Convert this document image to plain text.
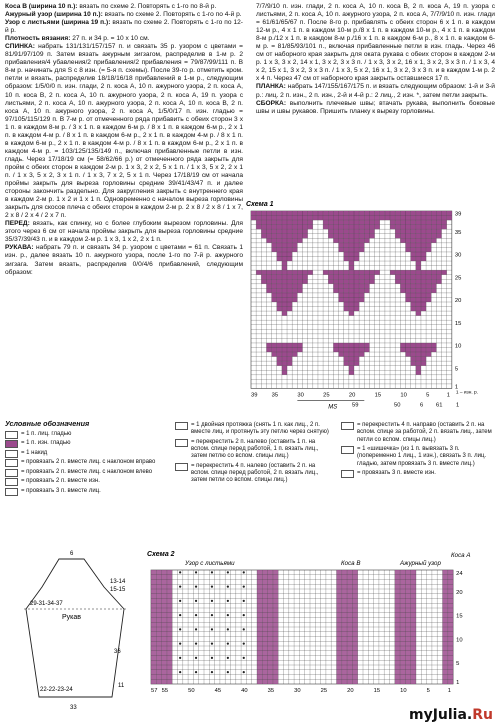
Коса В (ширина 10 п.): вязать по схеме 2. Повторять с 1-го по 8-й р.

Ажурный узор (ширина 10 п.): вязать по схеме 2. Повторять с 1-го по 4-й р.

Узор с листьями (ширина 19 п.): вязать по схеме 2. Повторять с 1-го по 12-й р.

Плотность вязания: 27 п. и 34 р. = 10 х 10 см.

СПИНКА: набрать 131/131/157/157 п. и связать 35 р. узором с цветами = 81/91/97/109 п. Затем вязать ажурным зигзагом, распределив в 1-м р. 2 прибавления/4 убавления/2 прибавления/2 прибавления = 79/87/99/111 п. В 8-м р. начинать для S с 8 изн. (= 5-я п. схемы). После 39-го р. отметить кром. петли и вязать, распределив 18/18/16/18 прибавлений в 1-м р., следующим образом: 1/5/0/0 п. изн. глади, 2 п. коса А, 10 п. ажурного узора, 2 п. коса А, 10 п. коса В, 2 п. коса А, 10 п. ажурного узора, 2 п. коса А, 19 п. узора с листьями, 2 п. коса А, 10 п. ажурного узора, 2 п. коса А, 10 п. коса В, 2 п. коса А, 10 п. ажурного узора, 2 п. коса А, 1/5/0/17 п. изн. гладью = 97/105/115/129 п. В 7-м р. от отмеченного ряда прибавить с обеих сторон 3 х 1 п. в каждом 8-м р. / 3 х 1 п. в каждом 6-м р. / 8 х 1 п. в каждом 6-м р., 2 х 1 п. в каждом 4-м р. / 8 х 1 п. в каждом 6-м р., 2 х 1 п. в каждом 4-м р. / 8 х 1 п. в каждом 6-м р., 2 х 1 п. в каждом 4-м р. / 8 х 1 п. в каждом 6-м р., 2 х 1 п. в каждом 4-м р. = 103/125/135/149 п., включая прибавленные петли в изн. гладь. Через 17/18/19 см (= 58/62/66 р.) от отмеченного ряда закрыть для пройм с обеих сторон в каждом 2-м р. 1 х 3, 2 х 2, 5 х 1 п. / 1 х 3, 5 х 2, 2 х 1 п. / 1 х 3, 5 х 2, 3 х 1 п. / 1 х 3, 7 х 2, 5 х 1 п. Через 17/18/19 см от начала проймы закрыть для выреза горловины средние 39/41/43/47 п. и далее стороны закончить раздельно. Для закругления закрыть с внутреннего края в каждом 2-м р. 1 х 2 и 1 х 1 п. Одновременно с началом выреза горловины закрыть для скосов плеча с обеих сторон в каждом 2-м р. 2 х 8 / 2 х 8 / 1 х 7, 2 х 8 / 2 х 4 / 2 х 7 п.

ПЕРЕД: вязать, как спинку, но с более глубоким вырезом горловины. Для этого через 6 см от начала проймы закрыть для выреза горловины средние 35/37/39/43 п. и в каждом 2-м р. 1 х 3, 1 х 2, 2 х 1 п.

РУКАВА: набрать 79 п. и связать 34 р. узором с цветами = 61 п. Связать 1 изн. р., далее вязать 10 п. ажурного узора, после 1-го по 7-й р. ажурного зигзага. Затем вязать, распределив 0/0/4/6 прибавлений, следующим образом:

7/7/9/10 п. изн. глади, 2 п. коса А, 10 п. коса В, 2 п. коса А, 19 п. узора с листьями, 2 п. коса А, 10 п. ажурного узора, 2 п. коса А, 7/7/9/10 п. изн. глади = 61/61/65/67 п. После 8-го р. прибавлять с обеих сторон 6 х 1 п. в каждом 12-м р., 4 х 1 п. в каждом 10-м р./8 х 1 п. в каждом 10-м р., 4 х 1 п. в каждом 8-м р./12 х 1 п. в каждом 8-м р./16 х 1 п. в каждом 6-м р., 8 х 1 п. в каждом 6-м р. = 81/85/93/101 п., включая прибавленные петли в изн. гладь. Через 46 см от наборного края закрыть для оката рукава с обеих сторон в каждом 2-м р. 1 х 3, 3 х 2, 14 х 1, 3 х 2, 3 х 3 п. / 1 х 3, 3 х 2, 16 х 1, 3 х 2, 3 х 3 п. / 1 х 3, 4 х 2, 15 х 1, 3 х 2, 3 х 3 п. / 1 х 3, 5 х 2, 16 х 1, 3 х 2, 3 х 3 п. и в каждом 1-м р. 2 х 4 п. Через 47 см от наборного края закрыть оставшиеся 17 п.

ПЛАНКА: набрать 147/155/167/175 п. и вязать следующим образом: 1-й и 3-й р.: лиц. 2 п. изн., 2 п. изн., 2-й и 4-й р.: 2 лиц., 2 изн. *, затем петли закрыть.

СБОРКА: выполнить плечевые швы; втачать рукава, выполнить боковые швы и швы рукавов. Пришить планку к вырезу горловины.

Схема 1
39
35
30
25
20
15
10
5
1
39 35	30	25	20	15	10	5	1
59	50	6 61 1
MS
1 – изн. р.
Условные обозначения
= 1 п. лиц. гладью
= 1 п. изн. гладью
= 1 накид
= провязать 2 п. вместе лиц. с наклоном вправо
= провязать 2 п. вместе лиц. с наклоном влево
= провязать 2 п. вместе изн.
= провязать 3 п. вместе лиц.
= 1 двойная протяжка (снять 1 п. как лиц., 2 п. вместе лиц. и протянуть эту петлю через снятую)
= перекрестить 2 п. налево (оставить 1 п. на вспом. спице перед работой, 1 п. вязать лиц., затем петлю со вспом. спицы лиц.)
= перекрестить 4 п. налево (оставить 2 п. на вспом. спице перед работой, 2 п. вязать лиц., затем петли со вспом. спицы лиц.)
= перекрестить 4 п. направо (оставить 2 п. на вспом. спице за работой, 2 п. вязать лиц., затем петли со вспом. спицы лиц.)
= 1 «шишечка» (из 1 п. вывязать 3 п. (попеременно 1 лиц., 1 изн.), связать 3 п. лиц. гладью, затем провязать 3 п. вместе лиц.)
= провязать 3 п. вместе изн.
6
29-31-34-37
13-14
15-15
Рукав
36
22-22-23-24
11
33
Схема 2
Узор с листьями	Коса В	Ажурный узор
Коса А
24
20
15
10
5
1
57 55	50	45	40	35	30	25	20	15	10	5	1
myJulia.Ru
